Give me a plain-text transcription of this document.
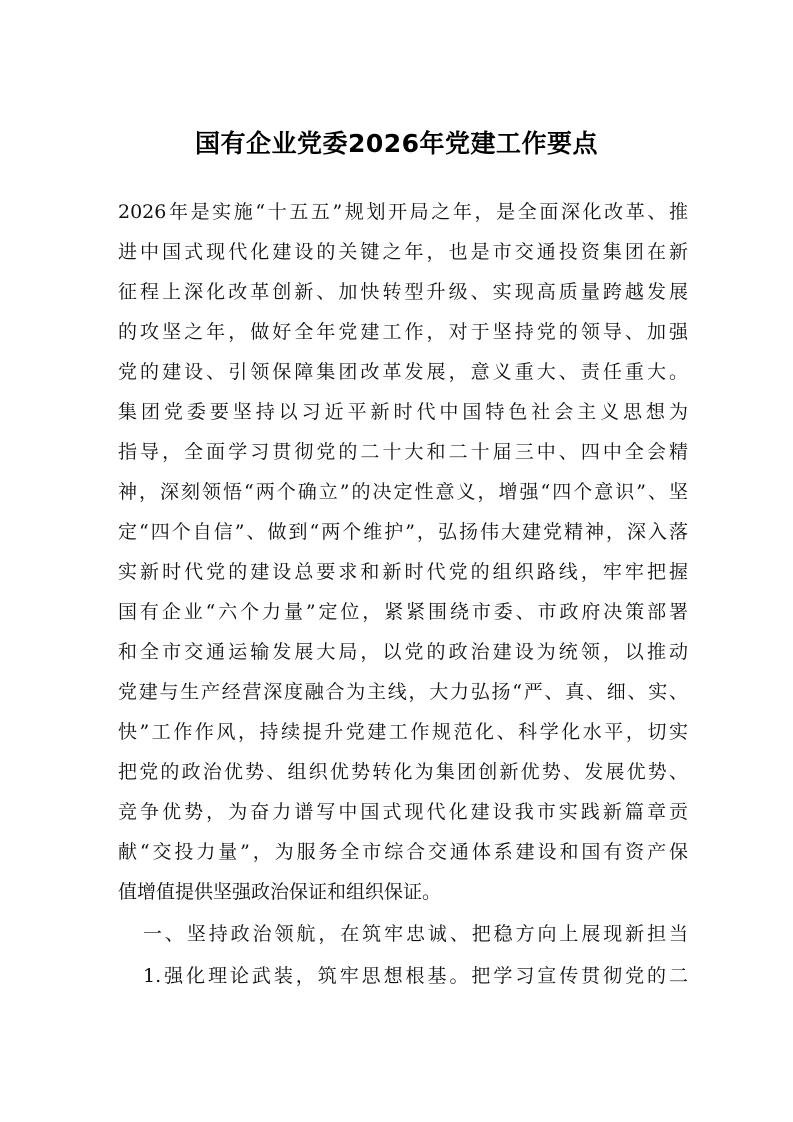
国有企业党委2026年党建工作要点
2026年是实施“十五五”规划开局之年，是全面深化改革、推
进中国式现代化建设的关键之年，也是市交通投资集团在新
征程上深化改革创新、加快转型升级、实现高质量跨越发展
的攻坚之年，做好全年党建工作，对于坚持党的领导、加强
党的建设、引领保障集团改革发展，意义重大、责任重大。
集团党委要坚持以习近平新时代中国特色社会主义思想为
指导，全面学习贯彻党的二十大和二十届三中、四中全会精
神，深刻领悟“两个确立”的决定性意义，增强“四个意识”、坚
定“四个自信”、做到“两个维护”，弘扬伟大建党精神，深入落
实新时代党的建设总要求和新时代党的组织路线，牢牢把握
国有企业“六个力量”定位，紧紧围绕市委、市政府决策部署
和全市交通运输发展大局，以党的政治建设为统领，以推动
党建与生产经营深度融合为主线，大力弘扬“严、真、细、实、
快”工作作风，持续提升党建工作规范化、科学化水平，切实
把党的政治优势、组织优势转化为集团创新优势、发展优势、
竞争优势，为奋力谱写中国式现代化建设我市实践新篇章贡
献“交投力量”，为服务全市综合交通体系建设和国有资产保
值增值提供坚强政治保证和组织保证。
一、坚持政治领航，在筑牢忠诚、把稳方向上展现新担当
1.强化理论武装，筑牢思想根基。把学习宣传贯彻党的二
